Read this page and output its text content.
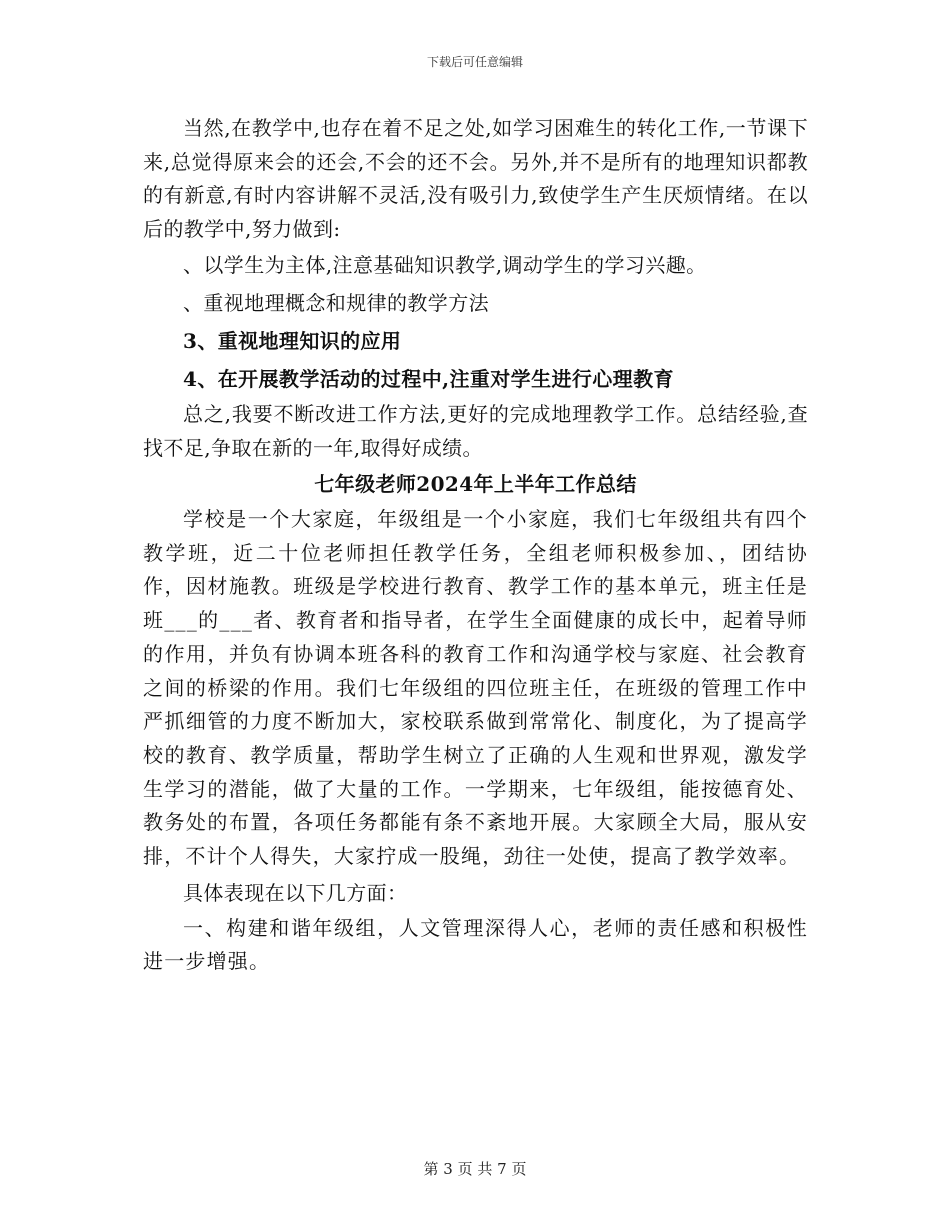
下载后可任意编辑

当然,在教学中,也存在着不足之处,如学习困难生的转化工作,一节课下来,总觉得原来会的还会,不会的还不会。另外,并不是所有的地理知识都教的有新意,有时内容讲解不灵活,没有吸引力,致使学生产生厌烦情绪。在以后的教学中,努力做到:

、以学生为主体,注意基础知识教学,调动学生的学习兴趣。

、重视地理概念和规律的教学方法

3、重视地理知识的应用

4、在开展教学活动的过程中,注重对学生进行心理教育

总之,我要不断改进工作方法,更好的完成地理教学工作。总结经验,查找不足,争取在新的一年,取得好成绩。

七年级老师2024年上半年工作总结

学校是一个大家庭，年级组是一个小家庭，我们七年级组共有四个教学班，近二十位老师担任教学任务，全组老师积极参加、，团结协作，因材施教。班级是学校进行教育、教学工作的基本单元，班主任是班___的___者、教育者和指导者，在学生全面健康的成长中，起着导师的作用，并负有协调本班各科的教育工作和沟通学校与家庭、社会教育之间的桥梁的作用。我们七年级组的四位班主任，在班级的管理工作中严抓细管的力度不断加大，家校联系做到常常化、制度化，为了提高学校的教育、教学质量，帮助学生树立了正确的人生观和世界观，激发学生学习的潜能，做了大量的工作。一学期来，七年级组，能按德育处、教务处的布置，各项任务都能有条不紊地开展。大家顾全大局，服从安排，不计个人得失，大家拧成一股绳，劲往一处使，提高了教学效率。

具体表现在以下几方面：

一、构建和谐年级组，人文管理深得人心，老师的责任感和积极性进一步增强。

第 3 页 共 7 页
